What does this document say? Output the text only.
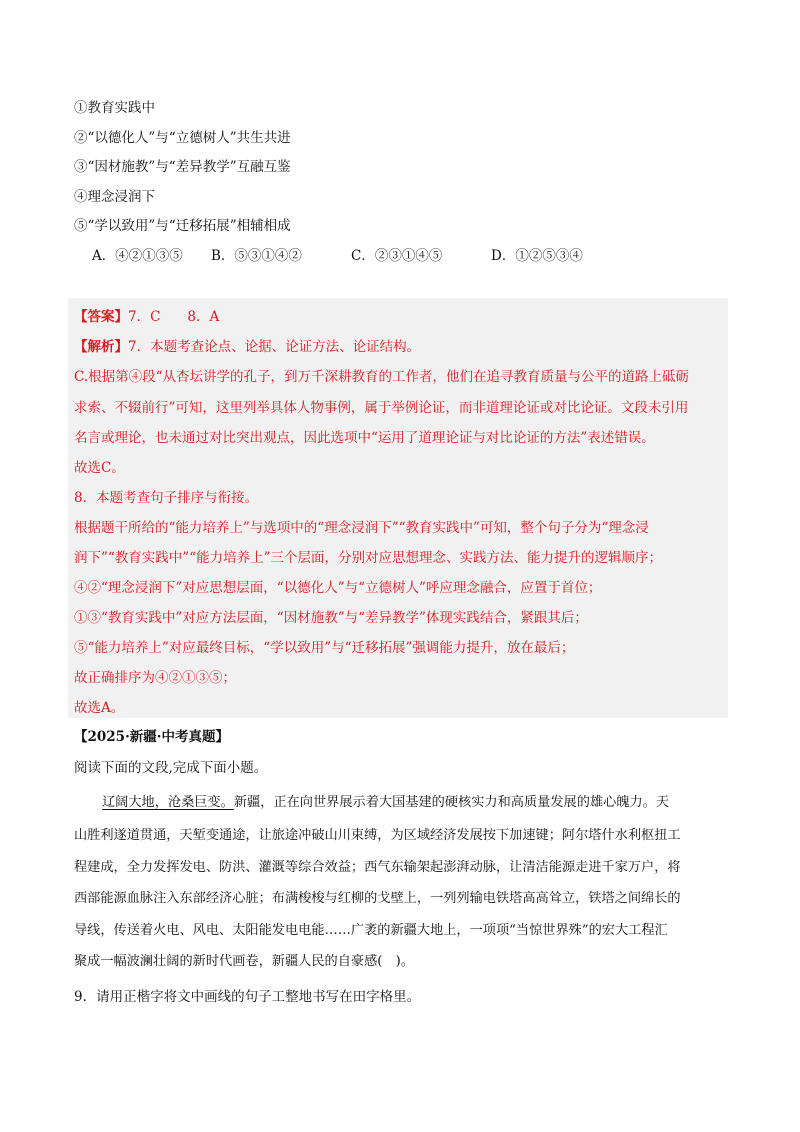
①教育实践中
②“以德化人”与“立德树人”共生共进
③“因材施教”与“差异教学”互融互鉴
④理念浸润下
⑤“学以致用”与“迁移拓展”相辅相成
A．④②①③⑤ B．⑤③①④②	C．②③①④⑤	D．①②⑤③④
【答案】7．C　　8．A
【解析】7．本题考查论点、论据、论证方法、论证结构。
C.根据第④段“从杏坛讲学的孔子，到万千深耕教育的工作者，他们在追寻教育质量与公平的道路上砥砺
求索、不辍前行”可知，这里列举具体人物事例，属于举例论证，而非道理论证或对比论证。文段未引用
名言或理论，也未通过对比突出观点，因此选项中“运用了道理论证与对比论证的方法”表述错误。
故选C。
8．本题考查句子排序与衔接。
根据题干所给的“能力培养上”与选项中的“理念浸润下”“教育实践中”可知，整个句子分为“理念浸
润下”“教育实践中”“能力培养上”三个层面，分别对应思想理念、实践方法、能力提升的逻辑顺序；
④②“理念浸润下”对应思想层面，“以德化人”与“立德树人”呼应理念融合，应置于首位；
①③“教育实践中”对应方法层面，“因材施教”与“差异教学”体现实践结合，紧跟其后；
⑤“能力培养上”对应最终目标，“学以致用”与“迁移拓展”强调能力提升，放在最后；
故正确排序为④②①③⑤；
故选A。
【2025·新疆·中考真题】
阅读下面的文段,完成下面小题。
辽阔大地，沧桑巨变。新疆，正在向世界展示着大国基建的硬核实力和高质量发展的雄心魄力。天
山胜利遂道贯通，天堑变通途，让旅途冲破山川束缚，为区域经济发展按下加速键；阿尔塔什水利枢扭工
程建成，全力发挥发电、防洪、灌溉等综合效益；西气东输架起澎湃动脉，让清洁能源走进千家万户，将
西部能源血脉注入东部经济心脏；布满梭梭与红柳的戈壁上，一列列输电铁塔高高耸立，铁塔之间绵长的
导线，传送着火电、风电、太阳能发电电能……广袤的新疆大地上，一项项“当惊世界殊”的宏大工程汇
聚成一幅波澜壮阔的新时代画卷，新疆人民的自豪感(　)。
9．请用正楷字将文中画线的句子工整地书写在田字格里。
